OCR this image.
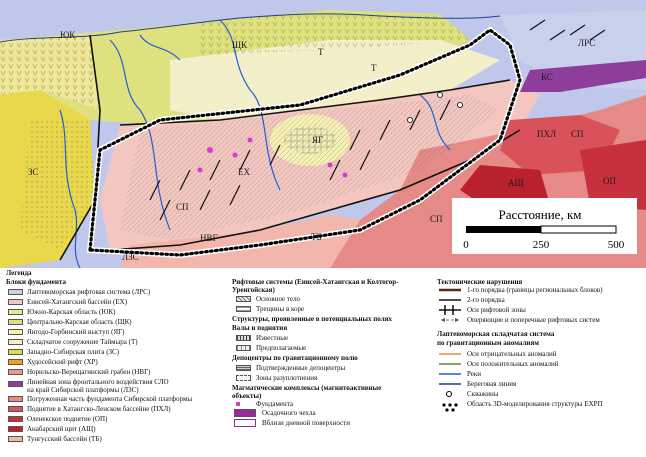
ЮК
ЩК
Т
Т
ЛРС
КС
ЕХ
ЯГ
ЗС
ПХЛ СП
СП
СП
АЩ	ОП
НВГ	ТБ
ЛЗС
Расстояние, км
0	250	500
Легенда
Блоки фундамента
Лаптевоморская рифтовая система (ЛРС)
Енисей-Хатангский бассейн (ЕХ)
Южно-Карская область (ЮК)
Центрально-Карская область (ЩК)
Янгодо-Горбинский выступ (ЯГ)
Складчатое сооружение Таймыра (Т)
Западно-Сибирская плита (ЗС)
Худосейский рифт (ХР)
Норильско-Верещагинский грабен (НВГ)
Линейная зона фронтального воздействия СЛО
на край Сибирской платформы (ЛЗС)
Погруженная часть фундамента Сибирской платформы
Поднятие в Хатангско-Ленском бассейне (ПХЛ)
Оленекское поднятие (ОП)
Анабарский щит (АЩ)
Тунгусский бассейн (ТБ)
Рифтовые системы (Енисей-Хатангская и Колтогор-
Уренгойская)
Основное тело
Трещины в коре
Структуры, проявленные в потенциальных полях
Валы и поднятия
Известные
Предполагаемые
Депоцентры по гравитационному полю
Подтвержденные депоцентры
Зоны разуплотнения
Магматические комплексы (магнитоактивные
объекты)
Фундамента
Осадочного чехла
Вблизи дневной поверхности
Тектонические нарушения
1-го порядка (границы региональных блоков)
2-го порядка
Оси рифтовой зоны
Оперяющие и поперечные рифтовых систем
Лаптевоморская складчатая система
по гравитационным аномалиям
Оси отрицательных аномалий
Оси положительных аномалий
Реки
Береговая линия
Скважины
Область 3D-моделирования структуры ЕХРП
